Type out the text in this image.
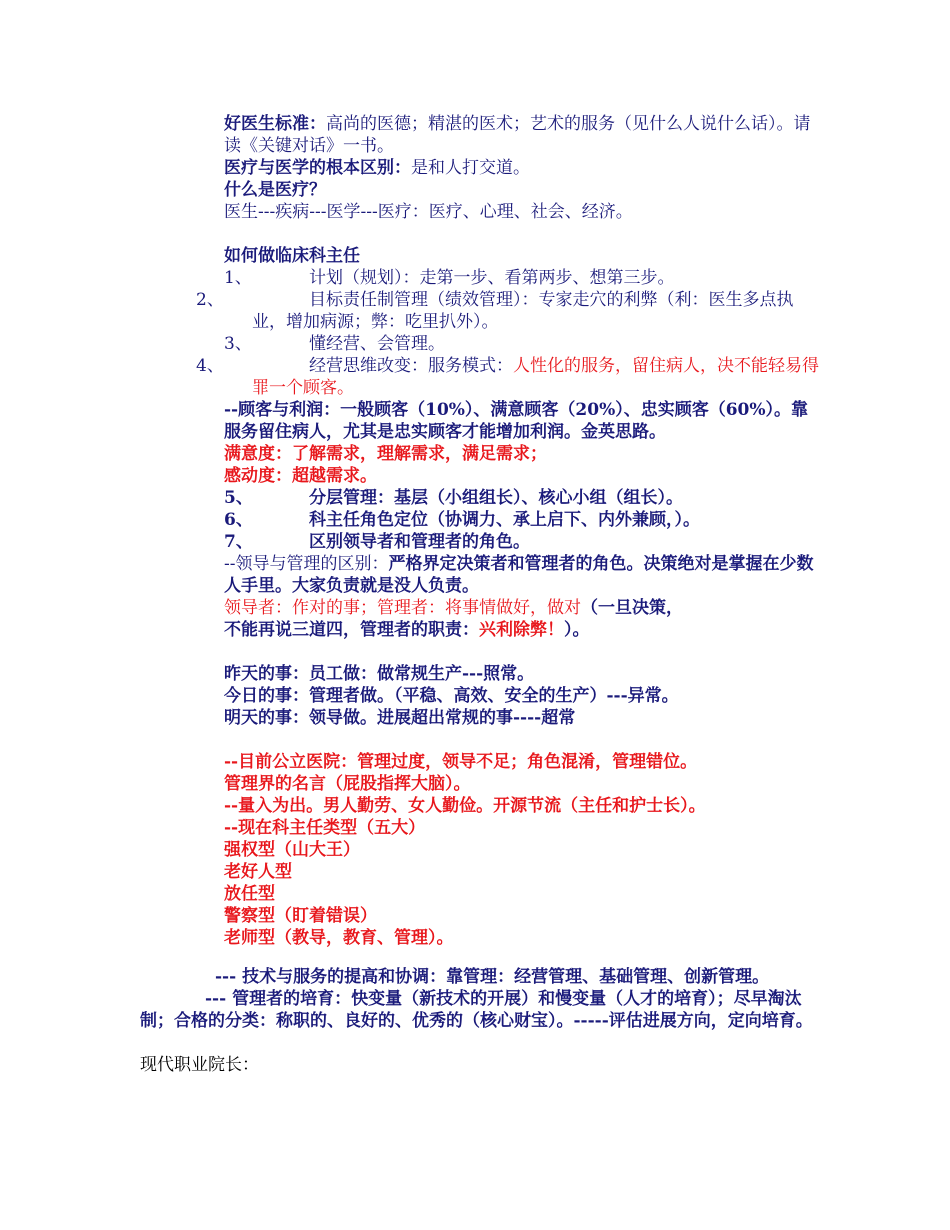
好医生标准：高尚的医德；精湛的医术；艺术的服务（见什么人说什么话）。请读《关键对话》一书。

医疗与医学的根本区别：是和人打交道。

什么是医疗？

医生---疾病---医学---医疗：医疗、心理、社会、经济。

如何做临床科主任

1、	计划（规划）：走第一步、看第两步、想第三步。

2、	目标责任制管理（绩效管理）：专家走穴的利弊（利：医生多点执业，增加病源；弊：吃里扒外）。

3、	懂经营、会管理。

4、	经营思维改变：服务模式：人性化的服务，留住病人，决不能轻易得罪一个顾客。

--顾客与利润：一般顾客（10%）、满意顾客（20%）、忠实顾客（60%）。靠服务留住病人，尤其是忠实顾客才能增加利润。金英思路。

满意度：了解需求，理解需求，满足需求；

感动度：超越需求。

5、	分层管理：基层（小组组长）、核心小组（组长）。

6、	科主任角色定位（协调力、承上启下、内外兼顾，）。

7、	区别领导者和管理者的角色。

--领导与管理的区别：严格界定决策者和管理者的角色。决策绝对是掌握在少数人手里。大家负责就是没人负责。

领导者：作对的事；管理者：将事情做好，做对（一旦决策，

不能再说三道四，管理者的职责：兴利除弊！）。

昨天的事：员工做：做常规生产---照常。

今日的事：管理者做。（平稳、高效、安全的生产）---异常。

明天的事：领导做。进展超出常规的事----超常

--目前公立医院：管理过度，领导不足；角色混淆，管理错位。

管理界的名言（屁股指挥大脑）。

--量入为出。男人勤劳、女人勤俭。开源节流（主任和护士长）。

--现在科主任类型（五大）

强权型（山大王）

老好人型

放任型

警察型（盯着错误）

老师型（教导，教育、管理）。

--- 技术与服务的提高和协调：靠管理：经营管理、基础管理、创新管理。

--- 管理者的培育：快变量（新技术的开展）和慢变量（人才的培育）；尽早淘汰制；合格的分类：称职的、良好的、优秀的（核心财宝）。-----评估进展方向，定向培育。

现代职业院长：
